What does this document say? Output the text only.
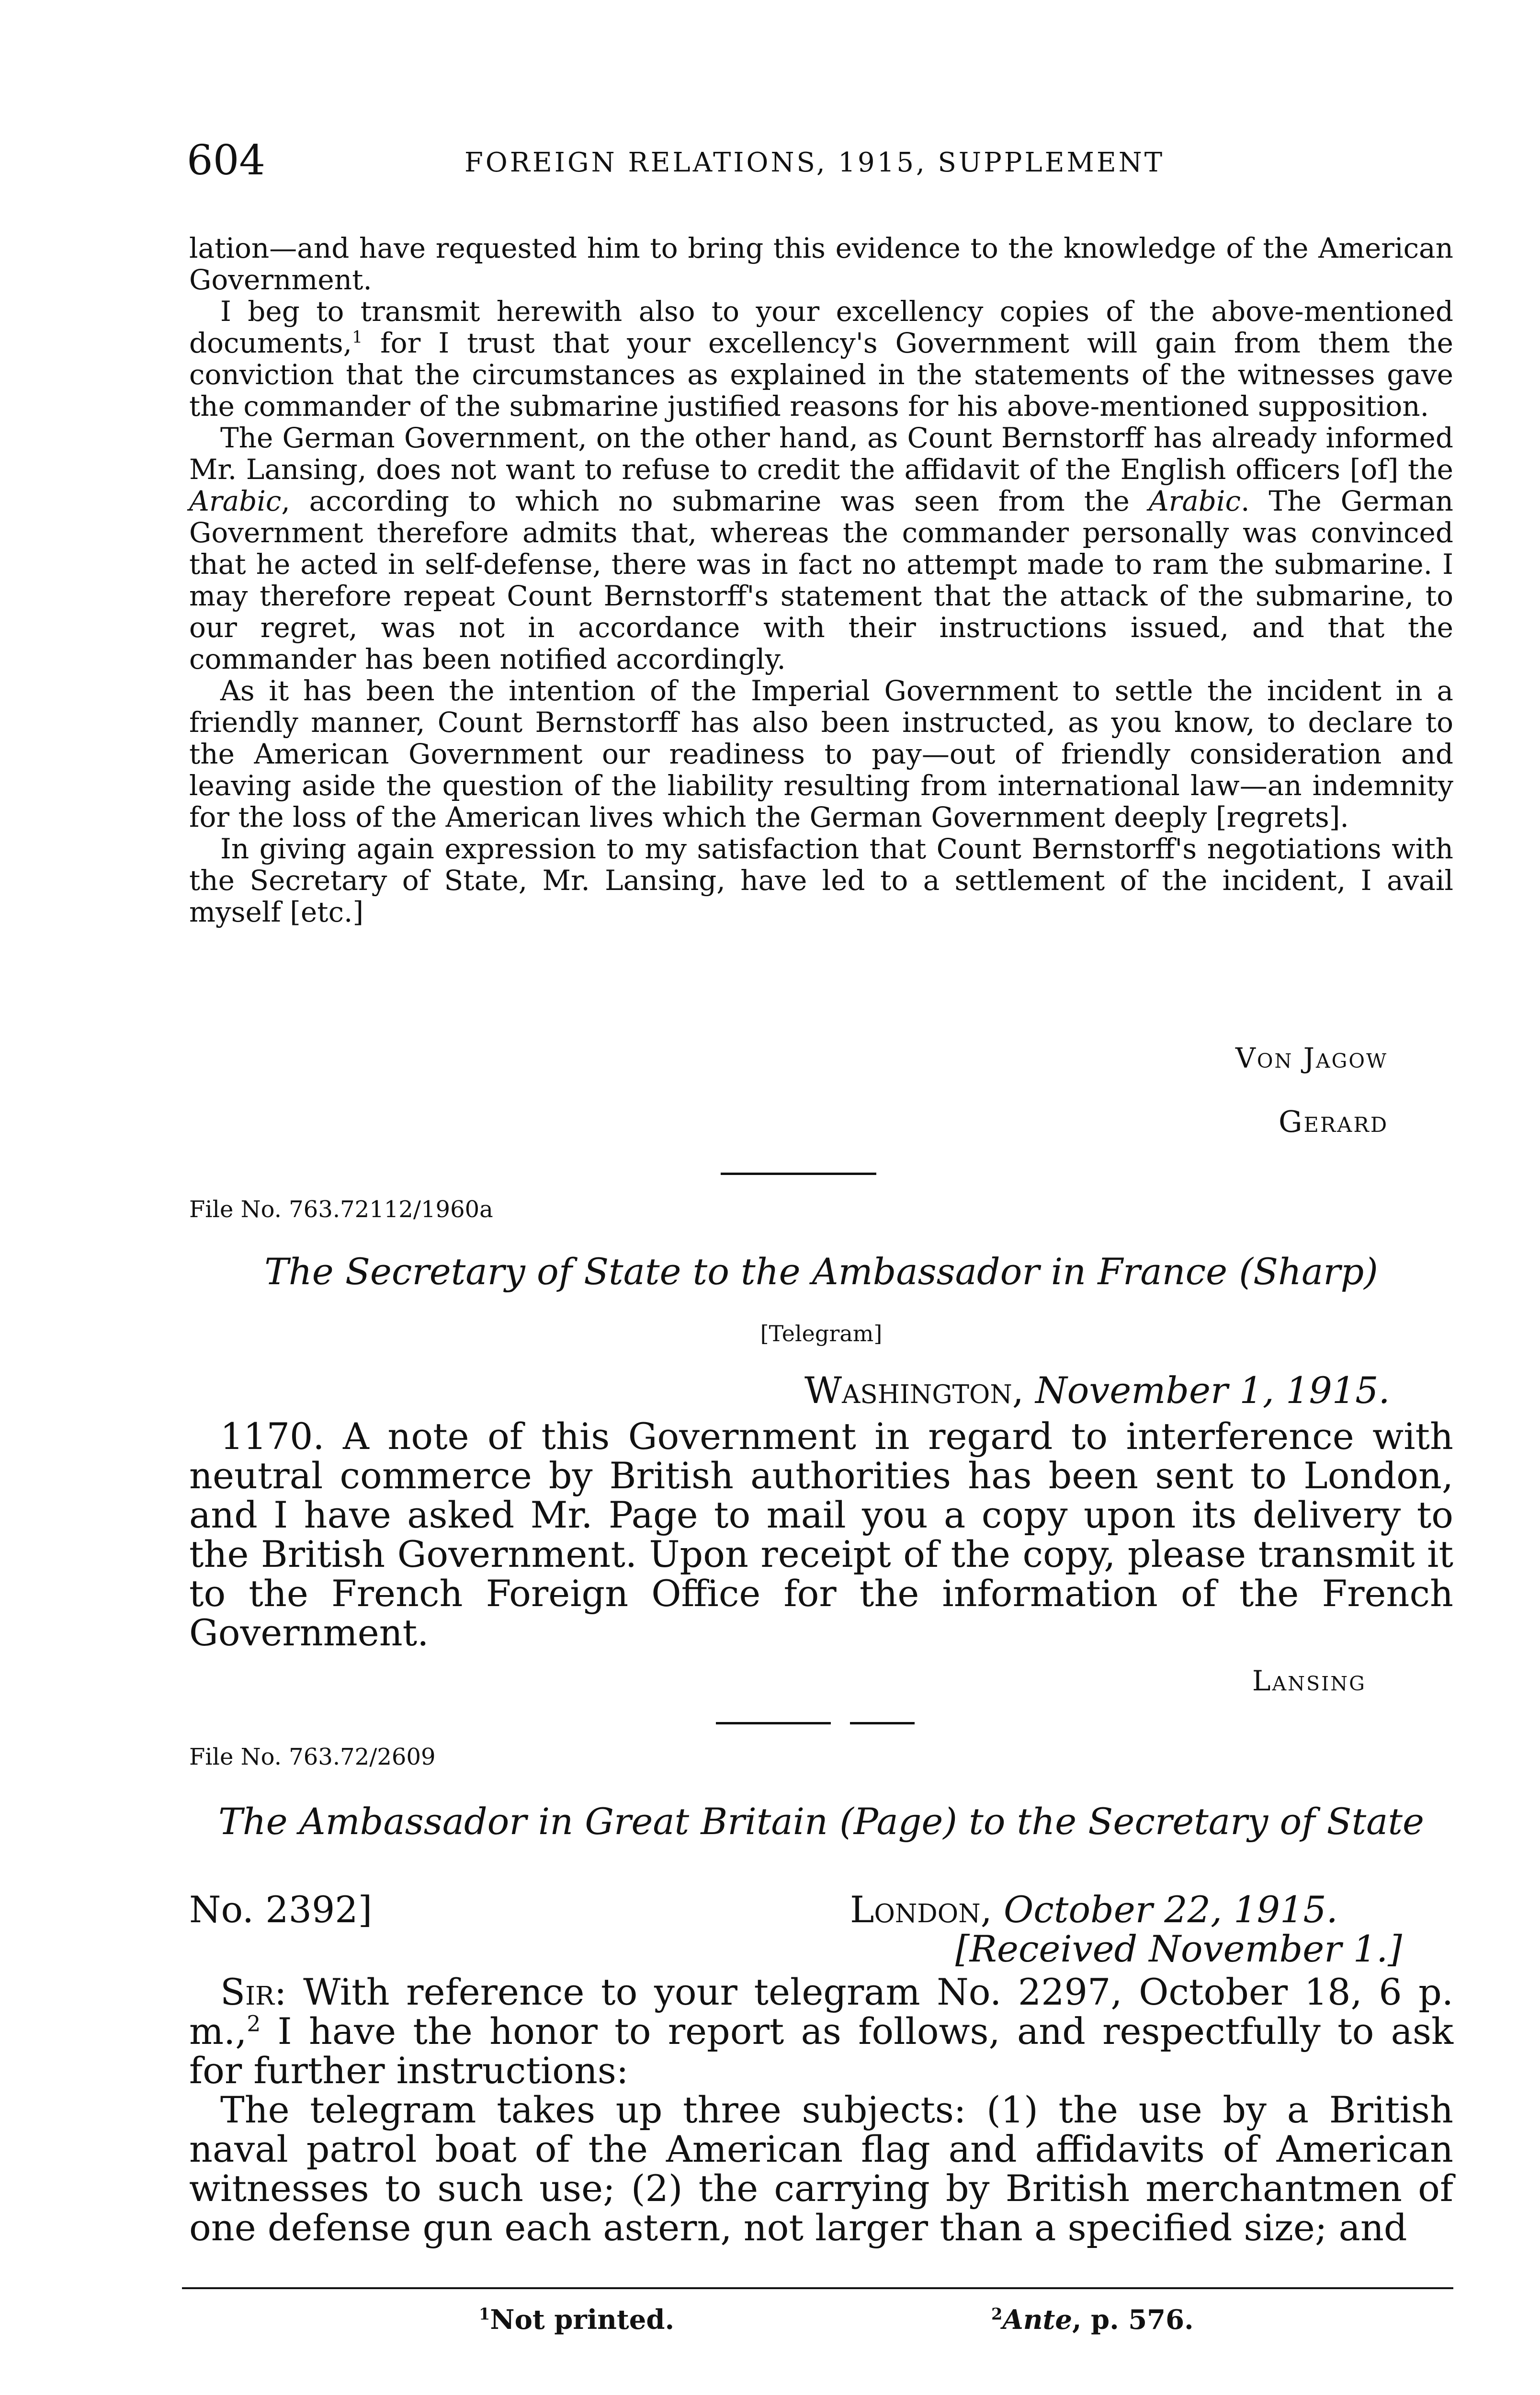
604	FOREIGN RELATIONS, 1915, SUPPLEMENT

lation—and have requested him to bring this evidence to the knowledge of the American Government.

I beg to transmit herewith also to your excellency copies of the above-mentioned documents,$^1$ for I trust that your excellency's Government will gain from them the conviction that the circumstances as explained in the statements of the witnesses gave the commander of the submarine justified reasons for his above-mentioned supposition.

The German Government, on the other hand, as Count Bernstorff has already informed Mr. Lansing, does not want to refuse to credit the affidavit of the English officers [of] the Arabic, according to which no submarine was seen from the Arabic. The German Government therefore admits that, whereas the commander personally was convinced that he acted in self-defense, there was in fact no attempt made to ram the submarine. I may therefore repeat Count Bernstorff's statement that the attack of the submarine, to our regret, was not in accordance with their instructions issued, and that the commander has been notified accordingly.

As it has been the intention of the Imperial Government to settle the incident in a friendly manner, Count Bernstorff has also been instructed, as you know, to declare to the American Government our readiness to pay—out of friendly consideration and leaving aside the question of the liability resulting from international law—an indemnity for the loss of the American lives which the German Government deeply [regrets].

In giving again expression to my satisfaction that Count Bernstorff's negotiations with the Secretary of State, Mr. Lansing, have led to a settlement of the incident, I avail myself [etc.]

Von Jagow
Gerard
File No. 763.72112/1960a
The Secretary of State to the Ambassador in France (Sharp)
[Telegram]
Washington, November 1, 1915.

1170. A note of this Government in regard to interference with neutral commerce by British authorities has been sent to London, and I have asked Mr. Page to mail you a copy upon its delivery to the British Government. Upon receipt of the copy, please transmit it to the French Foreign Office for the information of the French Government.

Lansing
File No. 763.72/2609
The Ambassador in Great Britain (Page) to the Secretary of State
No. 2392]	London, October 22, 1915.
[Received November 1.]

Sir: With reference to your telegram No. 2297, October 18, 6 p. m.,$^2$ I have the honor to report as follows, and respectfully to ask for further instructions:

The telegram takes up three subjects: (1) the use by a British naval patrol boat of the American flag and affidavits of American witnesses to such use; (2) the carrying by British merchantmen of one defense gun each astern, not larger than a specified size; and

$^1$Not printed.	$^2$Ante, p. 576.
